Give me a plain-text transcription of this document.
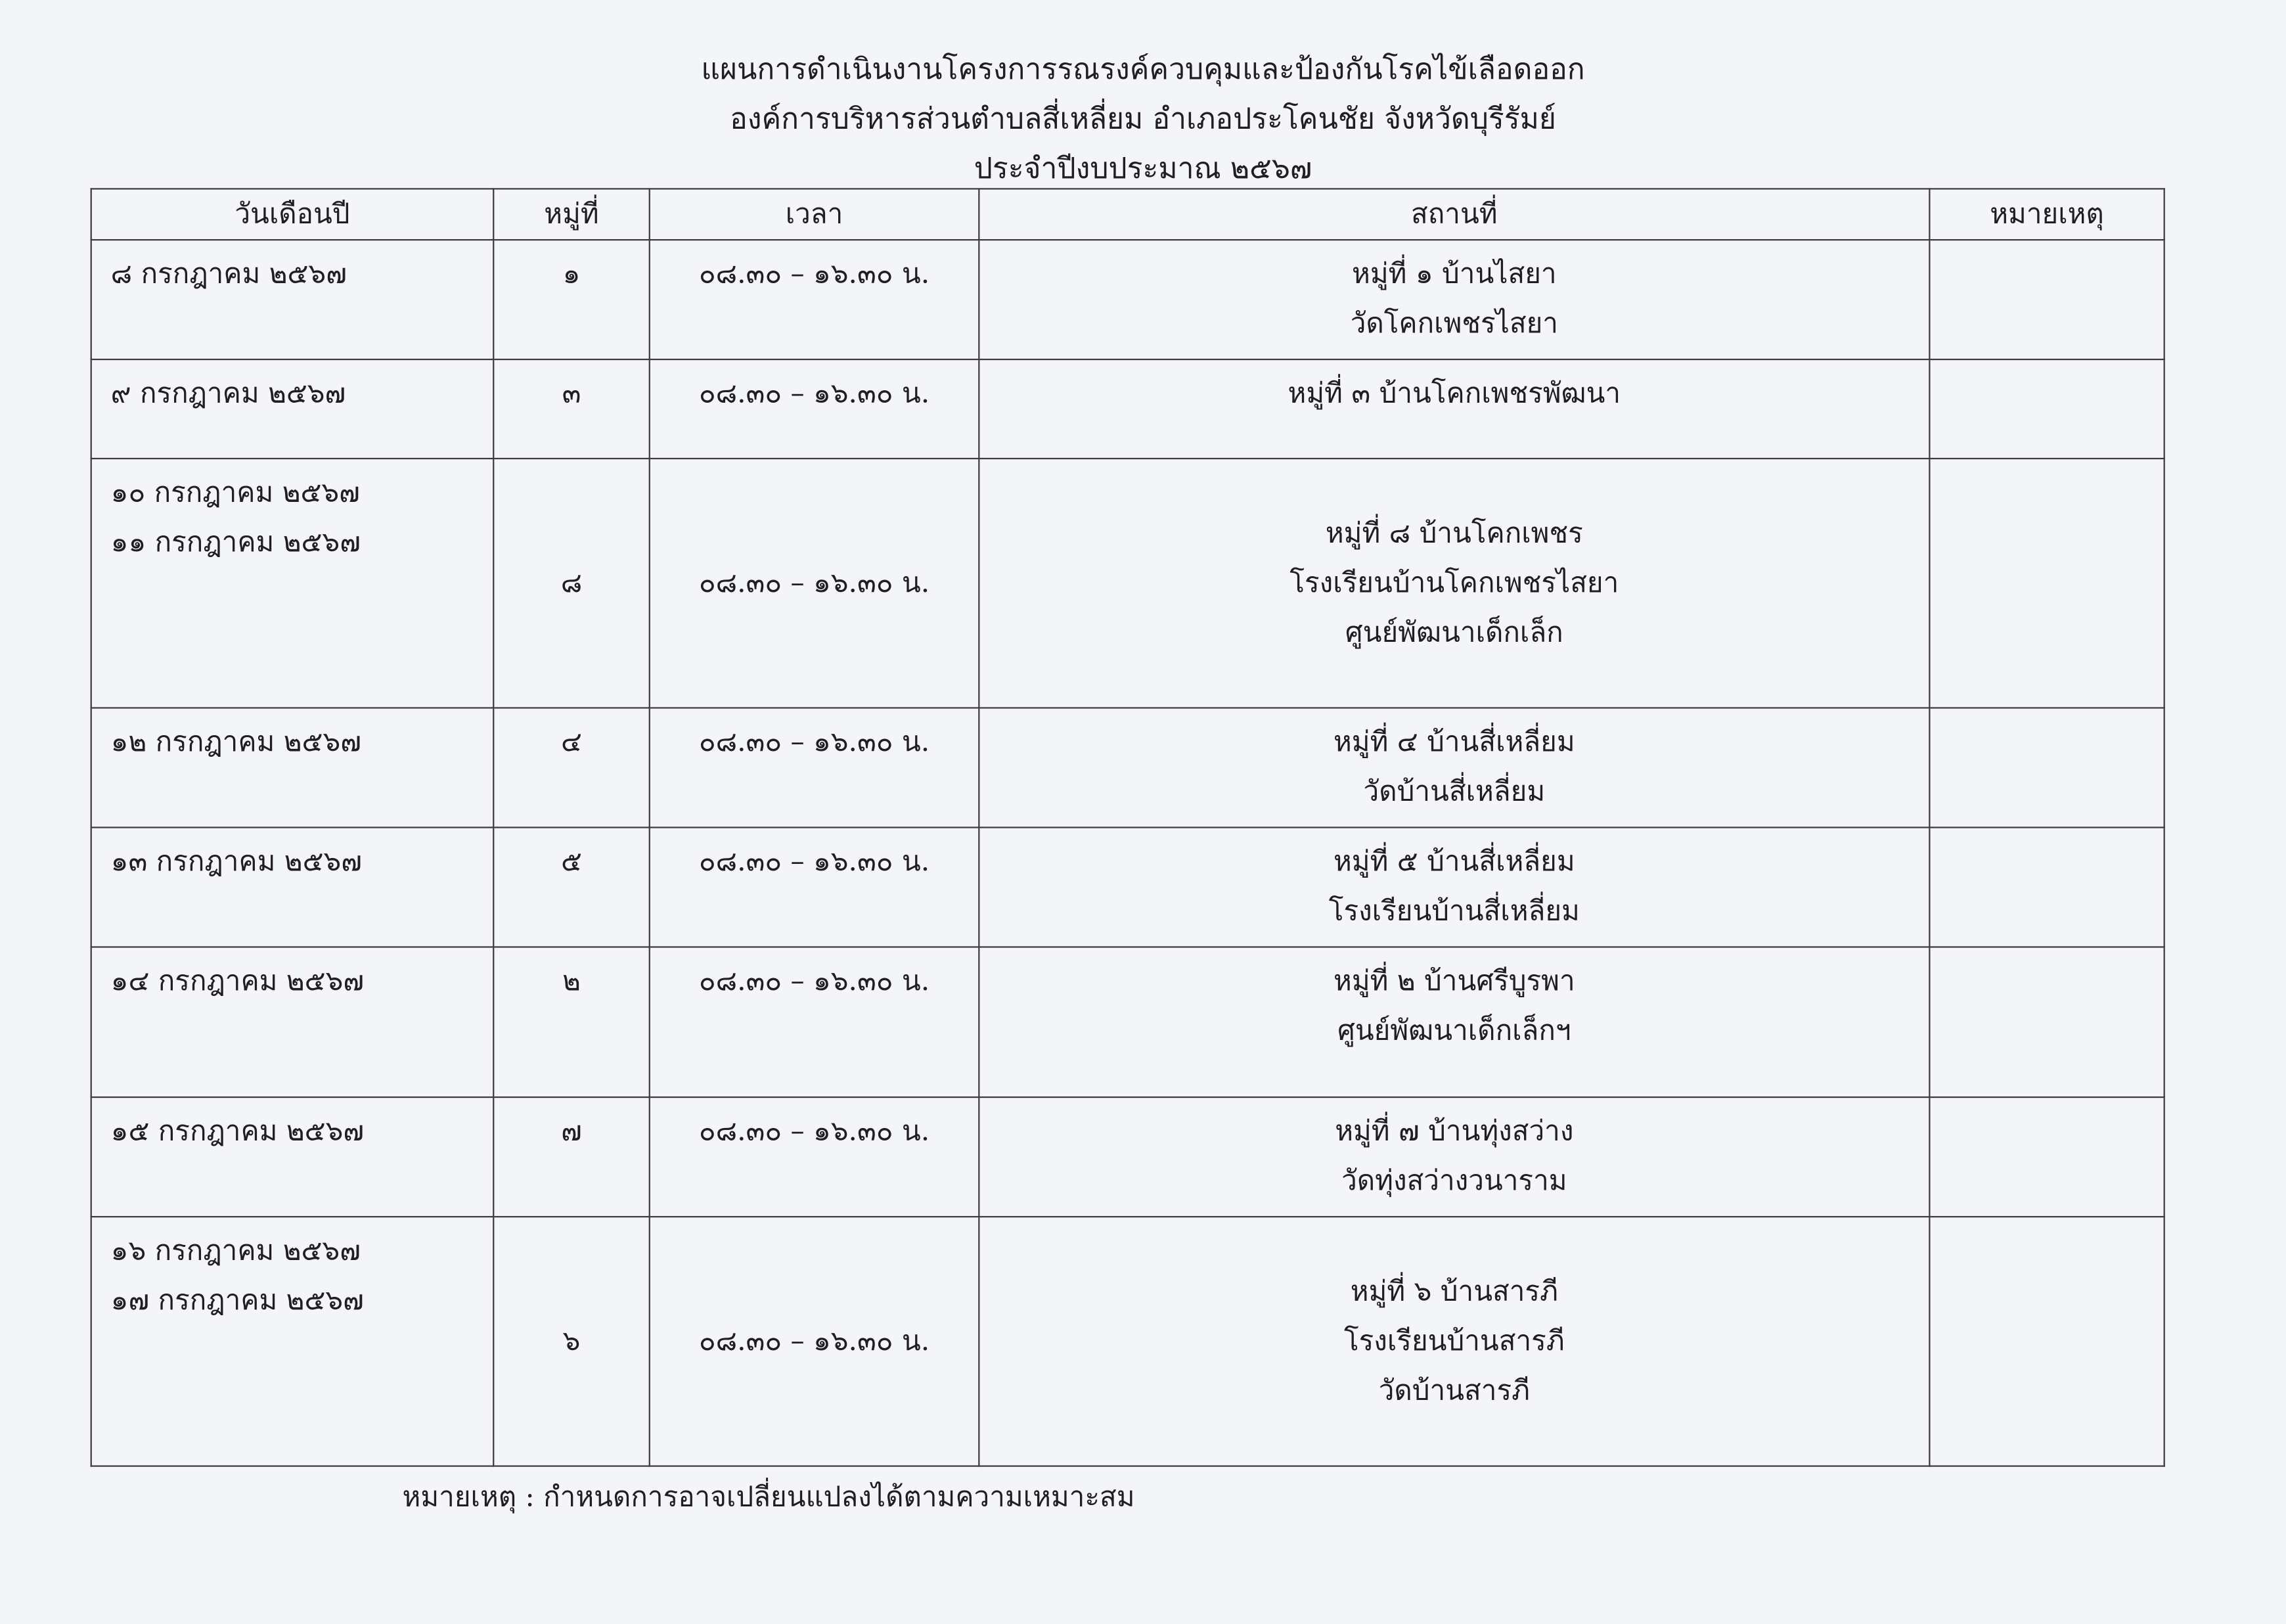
แผนการดำเนินงานโครงการรณรงค์ควบคุมและป้องกันโรคไข้เลือดออก
องค์การบริหารส่วนตำบลสี่เหลี่ยม อำเภอประโคนชัย จังหวัดบุรีรัมย์
ประจำปีงบประมาณ ๒๕๖๗
วันเดือนปี	หมู่ที่	เวลา	สถานที่	หมายเหตุ

๘ กรกฎาคม ๒๕๖๗	๑	๐๘.๓๐ – ๑๖.๓๐ น.	หมู่ที่ ๑ บ้านไสยา
วัดโคกเพชรไสยา	

๙ กรกฎาคม ๒๕๖๗	๓	๐๘.๓๐ – ๑๖.๓๐ น.	หมู่ที่ ๓ บ้านโคกเพชรพัฒนา	

๑๐ กรกฎาคม ๒๕๖๗
๑๑ กรกฎาคม ๒๕๖๗	๘	๐๘.๓๐ – ๑๖.๓๐ น.	หมู่ที่ ๘ บ้านโคกเพชร
โรงเรียนบ้านโคกเพชรไสยา
ศูนย์พัฒนาเด็กเล็ก	

๑๒ กรกฎาคม ๒๕๖๗	๔	๐๘.๓๐ – ๑๖.๓๐ น.	หมู่ที่ ๔ บ้านสี่เหลี่ยม
วัดบ้านสี่เหลี่ยม	

๑๓ กรกฎาคม ๒๕๖๗	๕	๐๘.๓๐ – ๑๖.๓๐ น.	หมู่ที่ ๕ บ้านสี่เหลี่ยม
โรงเรียนบ้านสี่เหลี่ยม	

๑๔ กรกฎาคม ๒๕๖๗	๒	๐๘.๓๐ – ๑๖.๓๐ น.	หมู่ที่ ๒ บ้านศรีบูรพา
ศูนย์พัฒนาเด็กเล็กฯ	

๑๕ กรกฎาคม ๒๕๖๗	๗	๐๘.๓๐ – ๑๖.๓๐ น.	หมู่ที่ ๗ บ้านทุ่งสว่าง
วัดทุ่งสว่างวนาราม	

๑๖ กรกฎาคม ๒๕๖๗
๑๗ กรกฎาคม ๒๕๖๗	๖	๐๘.๓๐ – ๑๖.๓๐ น.	หมู่ที่ ๖ บ้านสารภี
โรงเรียนบ้านสารภี
วัดบ้านสารภี	

หมายเหตุ : กำหนดการอาจเปลี่ยนแปลงได้ตามความเหมาะสม
